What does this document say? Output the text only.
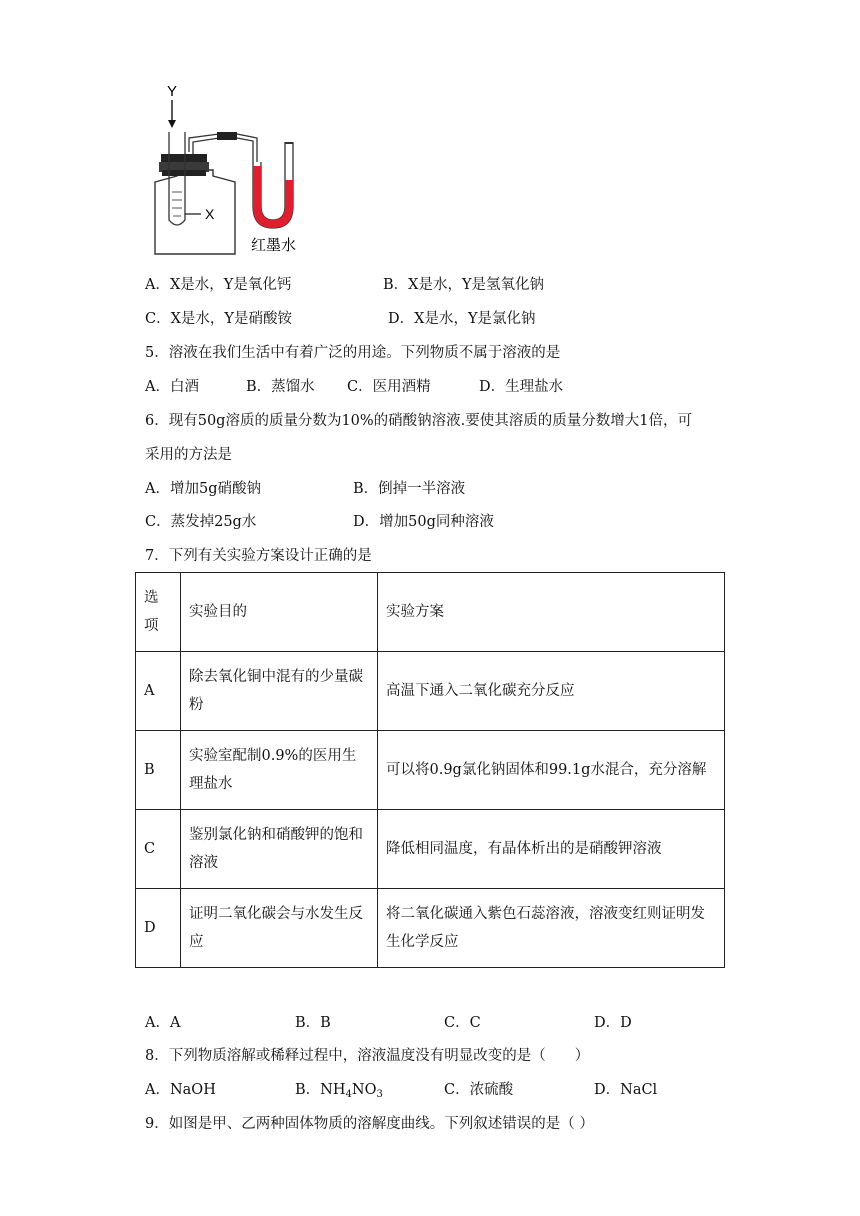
Y
X
红墨水
A．X是水，Y是氧化钙	B．X是水，Y是氢氧化钠
C．X是水，Y是硝酸铵	D．X是水，Y是氯化钠
5．溶液在我们生活中有着广泛的用途。下列物质不属于溶液的是
A．白酒	B．蒸馏水 C．医用酒精	D．生理盐水
6．现有50g溶质的质量分数为10%的硝酸钠溶液.要使其溶质的质量分数增大1倍，可
采用的方法是
A．增加5g硝酸钠	B．倒掉一半溶液
C．蒸发掉25g水	D．增加50g同种溶液
7．下列有关实验方案设计正确的是
选项	实验目的	实验方案
A	除去氧化铜中混有的少量碳粉	高温下通入二氧化碳充分反应
B	实验室配制0.9%的医用生理盐水	可以将0.9g氯化钠固体和99.1g水混合，充分溶解
C	鉴别氯化钠和硝酸钾的饱和溶液	降低相同温度，有晶体析出的是硝酸钾溶液
D	证明二氧化碳会与水发生反应	将二氧化碳通入紫色石蕊溶液，溶液变红则证明发生化学反应
A．A	B．B	C．C	D．D
8．下列物质溶解或稀释过程中，溶液温度没有明显改变的是（　　）
A．NaOH	B．$NH_4NO_3$	C．浓硫酸	D．NaCl
9．如图是甲、乙两种固体物质的溶解度曲线。下列叙述错误的是（ ）
